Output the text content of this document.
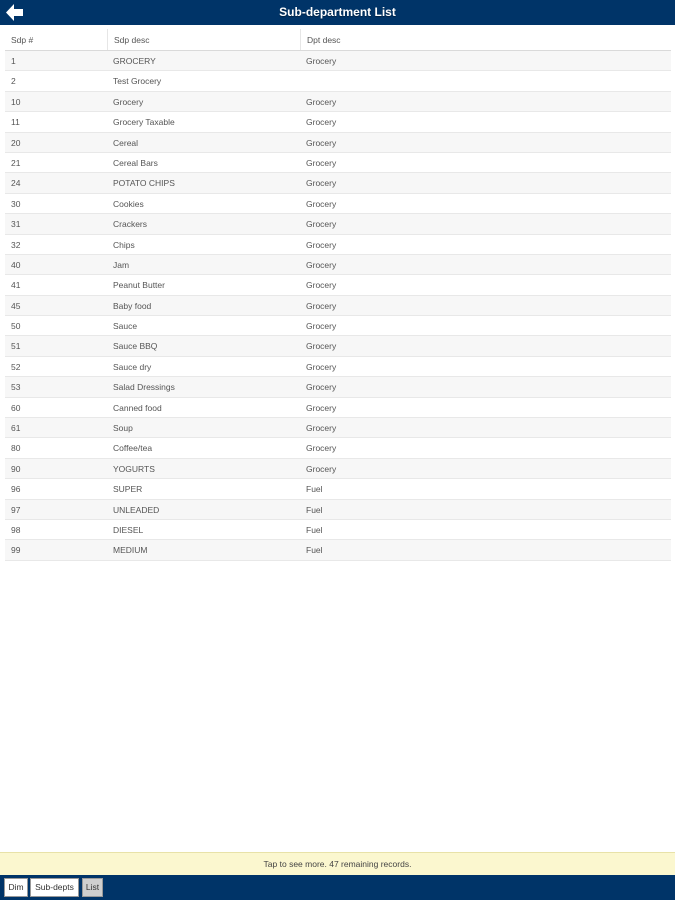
Sub-department List
Sdp #	Sdp desc	Dpt desc
1	GROCERY	Grocery
2	Test Grocery
10	Grocery	Grocery
11	Grocery Taxable	Grocery
20	Cereal	Grocery
21	Cereal Bars	Grocery
24	POTATO CHIPS	Grocery
30	Cookies	Grocery
31	Crackers	Grocery
32	Chips	Grocery
40	Jam	Grocery
41	Peanut Butter	Grocery
45	Baby food	Grocery
50	Sauce	Grocery
51	Sauce BBQ	Grocery
52	Sauce dry	Grocery
53	Salad Dressings	Grocery
60	Canned food	Grocery
61	Soup	Grocery
80	Coffee/tea	Grocery
90	YOGURTS	Grocery
96	SUPER	Fuel
97	UNLEADED	Fuel
98	DIESEL	Fuel
99	MEDIUM	Fuel
Tap to see more. 47 remaining records.
Dim	Sub-depts	List
